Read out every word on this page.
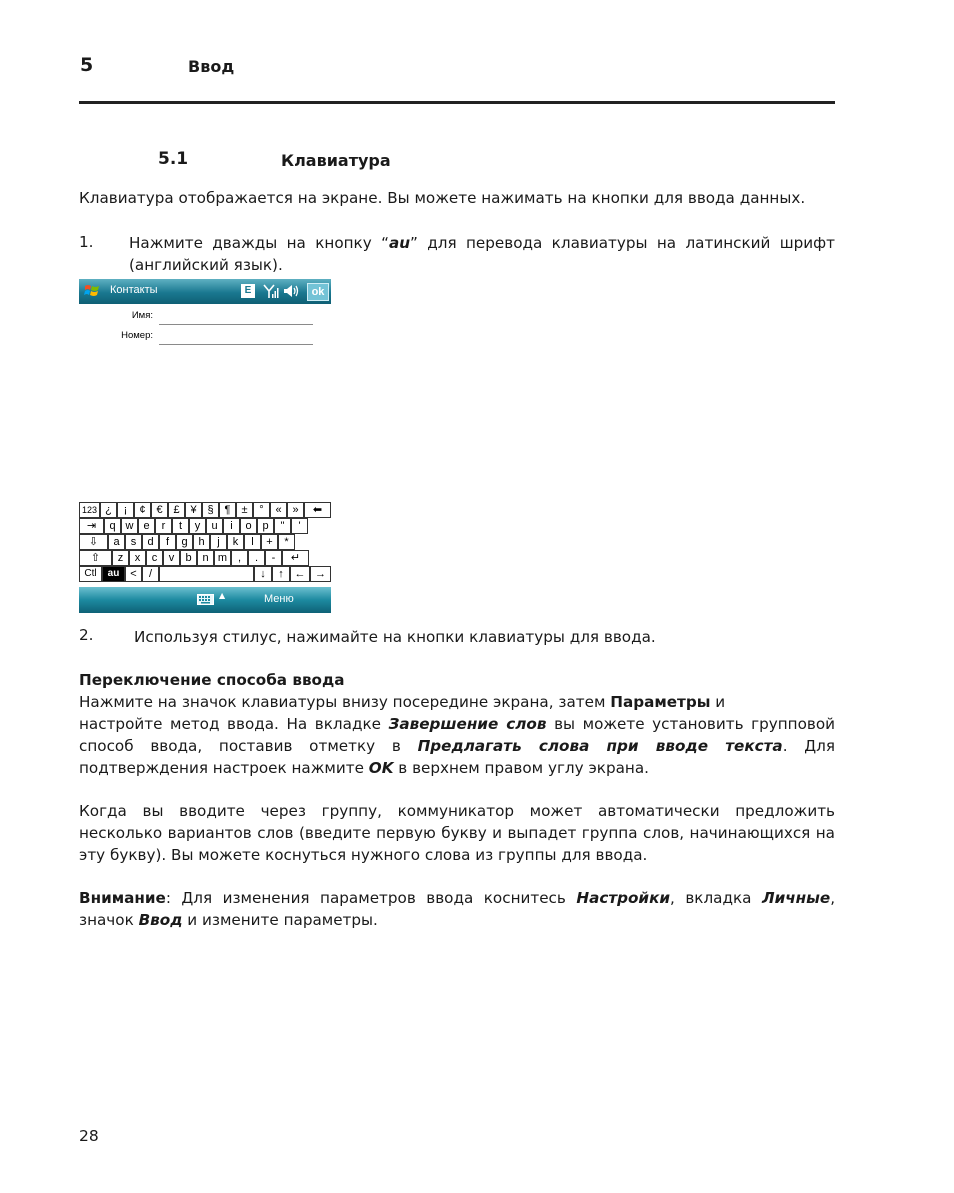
5	Ввод
5.1	Клавиатура
Клавиатура отображается на экране. Вы можете нажимать на кнопки для ввода данных.
1. Нажмите дважды на кнопку “au” для перевода клавиатуры на латинский шрифт (английский язык).
Контакты	E	ok
Имя:
Номер:
123 ¿	¡	¢ € £ ¥ § ¶	±	°	« »	⬅
⇥	q w e	r	t	y	u	i	o p	"	'
⇩	a	s	d	f	g h	j	k	l	+	*
⇧	z	x	c	v	b n m ,	.	-	↵
Ctl	au <	/	↓	↑ ← →
▲	Меню
2.	Используя стилус, нажимайте на кнопки клавиатуры для ввода.
Переключение способа ввода
Нажмите на значок клавиатуры внизу посередине экрана, затем Параметры и
настройте метод ввода. На вкладке Завершение слов вы можете установить групповой способ ввода, поставив отметку в Предлагать слова при вводе текста. Для подтверждения настроек нажмите OK в верхнем правом углу экрана.
Когда вы вводите через группу, коммуникатор может автоматически предложить несколько вариантов слов (введите первую букву и выпадет группа слов, начинающихся на эту букву). Вы можете коснуться нужного слова из группы для ввода.
Внимание: Для изменения параметров ввода коснитесь Настройки, вкладка Личные, значок Ввод и измените параметры.
28
